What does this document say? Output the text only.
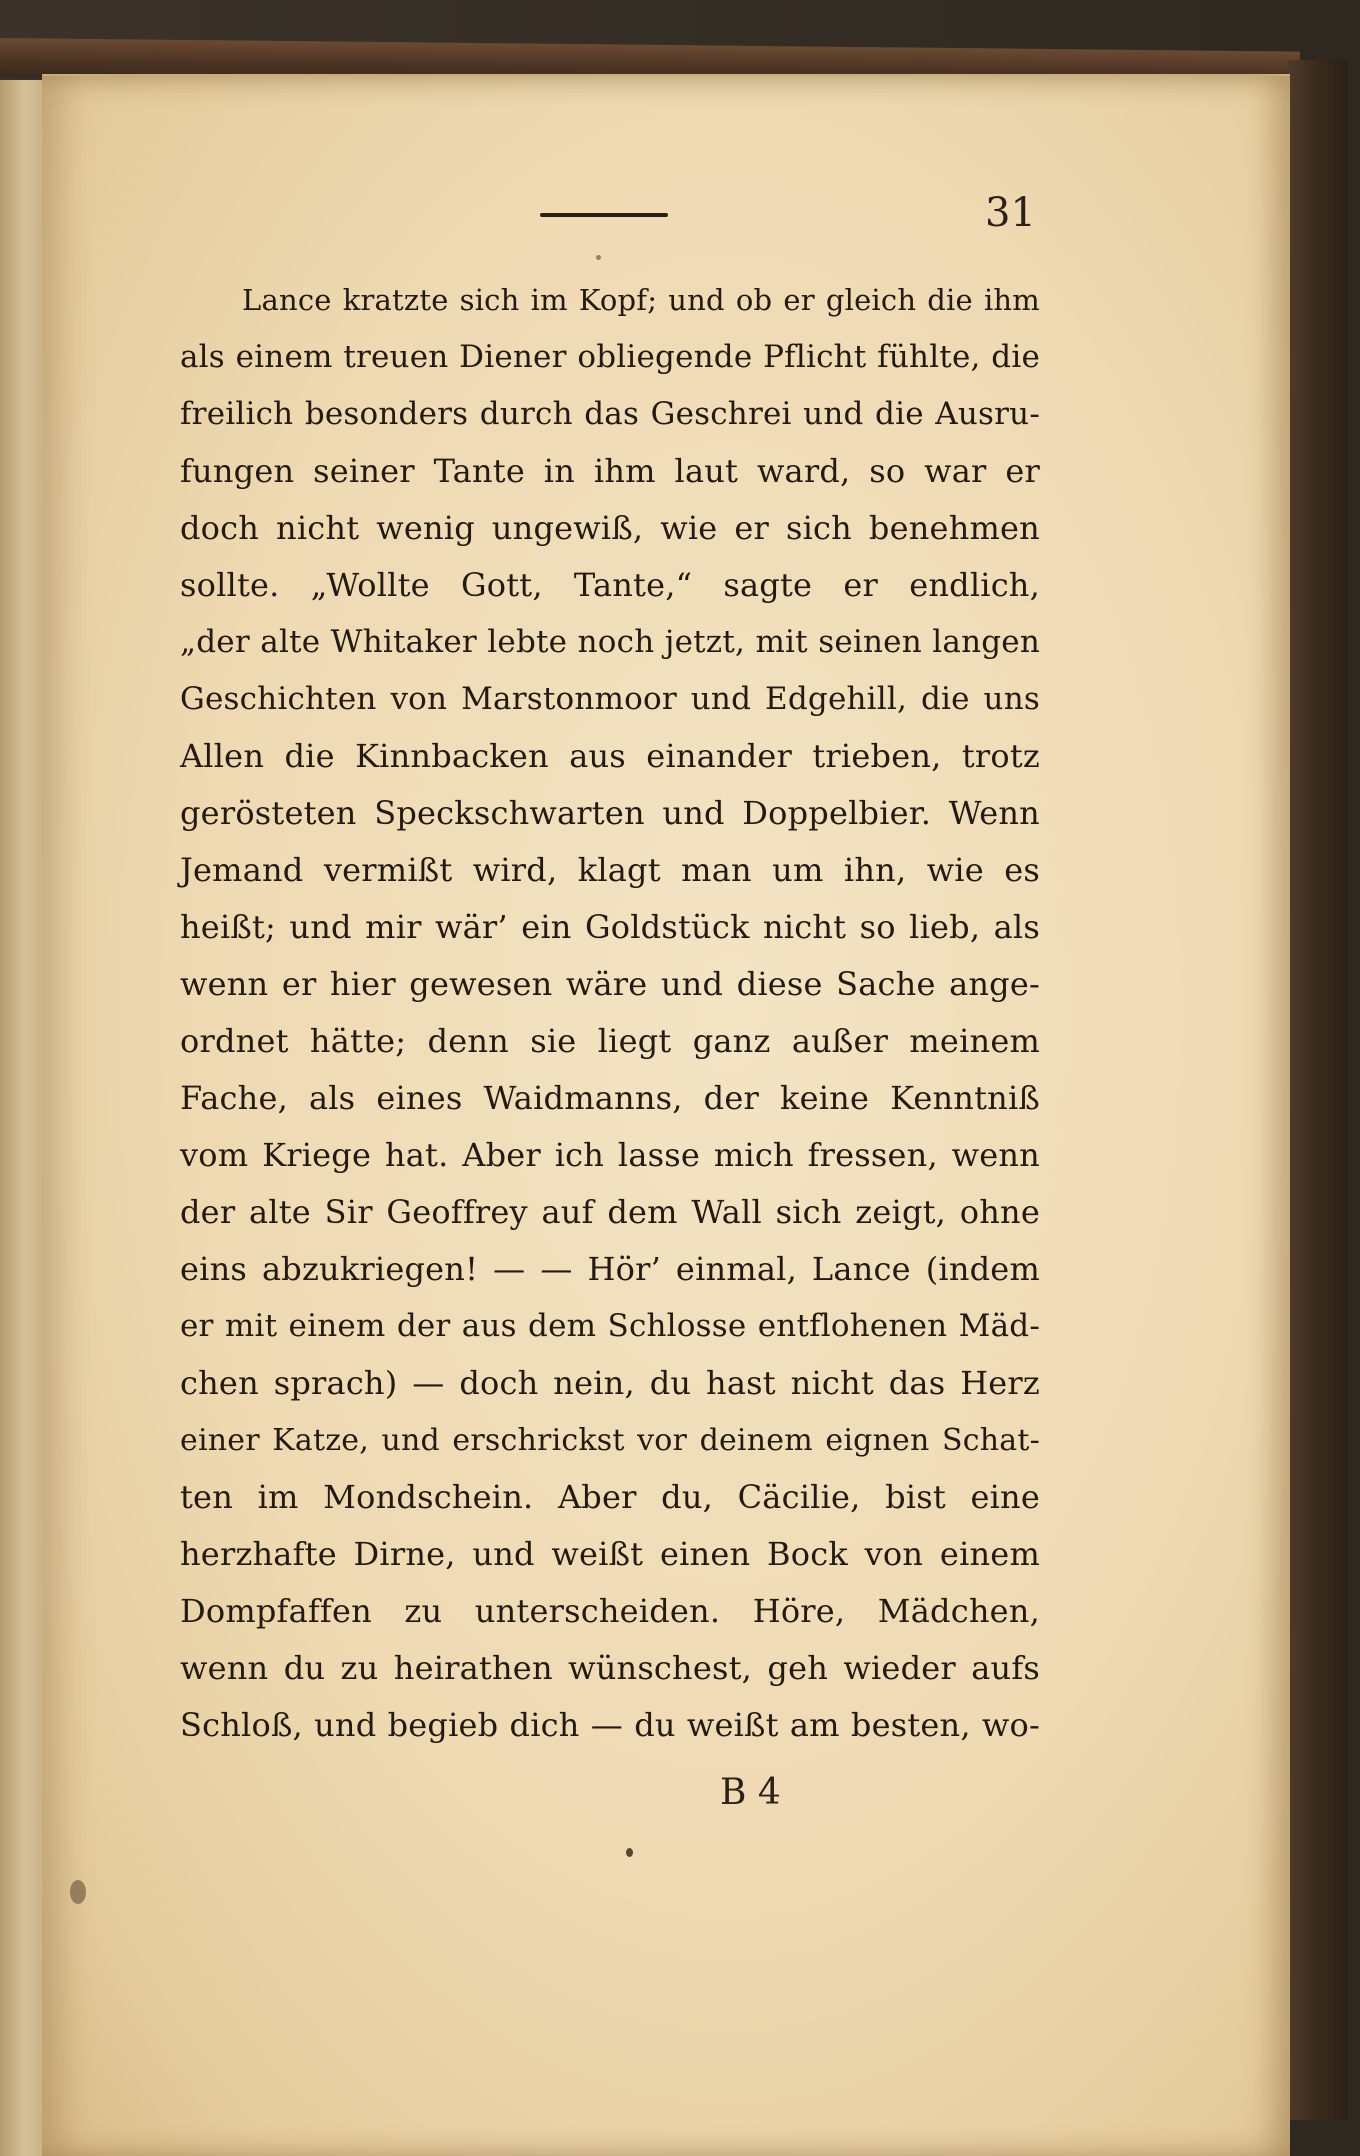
31
Lance kratzte sich im Kopf; und ob er gleich die ihm
als einem treuen Diener obliegende Pflicht fühlte, die
freilich besonders durch das Geschrei und die Ausru-
fungen seiner Tante in ihm laut ward, so war er
doch nicht wenig ungewiß, wie er sich benehmen
sollte. „Wollte Gott, Tante,“ sagte er endlich,
„der alte Whitaker lebte noch jetzt, mit seinen langen
Geschichten von Marstonmoor und Edgehill, die uns
Allen die Kinnbacken aus einander trieben, trotz
gerösteten Speckschwarten und Doppelbier. Wenn
Jemand vermißt wird, klagt man um ihn, wie es
heißt; und mir wär’ ein Goldstück nicht so lieb, als
wenn er hier gewesen wäre und diese Sache ange-
ordnet hätte; denn sie liegt ganz außer meinem
Fache, als eines Waidmanns, der keine Kenntniß
vom Kriege hat. Aber ich lasse mich fressen, wenn
der alte Sir Geoffrey auf dem Wall sich zeigt, ohne
eins abzukriegen! — — Hör’ einmal, Lance (indem
er mit einem der aus dem Schlosse entflohenen Mäd-
chen sprach) — doch nein, du hast nicht das Herz
einer Katze, und erschrickst vor deinem eignen Schat-
ten im Mondschein. Aber du, Cäcilie, bist eine
herzhafte Dirne, und weißt einen Bock von einem
Dompfaffen zu unterscheiden. Höre, Mädchen,
wenn du zu heirathen wünschest, geh wieder aufs
Schloß, und begieb dich — du weißt am besten, wo-
B 4
